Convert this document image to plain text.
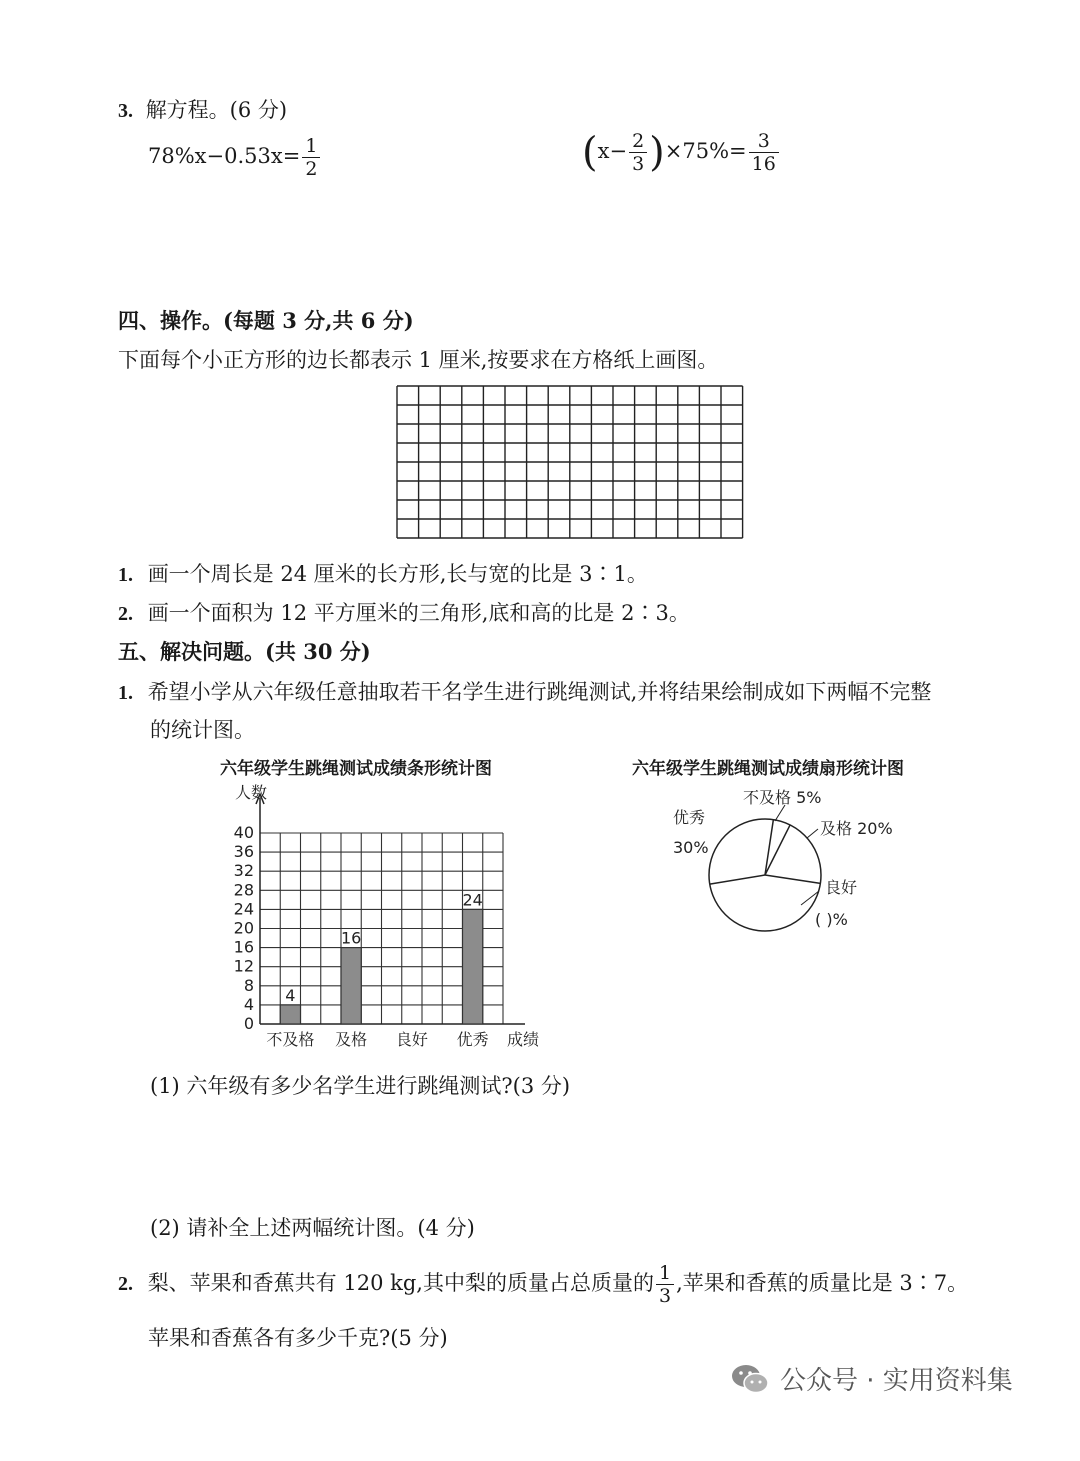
3. 解方程。(6 分)
$78\%x-0.53x= \frac{1}{2}$	$(x- \frac{2}{3} )\times 75\%= \frac{3}{16}$
四、操作。(每题 3 分,共 6 分)
下面每个小正方形的边长都表示 1 厘米,按要求在方格纸上画图。
1. 画一个周长是 24 厘米的长方形,长与宽的比是 3∶1。
2. 画一个面积为 12 平方厘米的三角形,底和高的比是 2∶3。
五、解决问题。(共 30 分)
1. 希望小学从六年级任意抽取若干名学生进行跳绳测试,并将结果绘制成如下两幅不完整
的统计图。
六年级学生跳绳测试成绩条形统计图
0
4
8
12
16
20
24
28
32
36
40
人数
成绩
不及格
4
及格
16
良好 优秀
24
六年级学生跳绳测试成绩扇形统计图
不及格 5%
及格 20%
良好
( )%
优秀
30%
(1) 六年级有多少名学生进行跳绳测试?(3 分)
(2) 请补全上述两幅统计图。(4 分)
2. 梨、苹果和香蕉共有 120 kg,其中梨的质量占总质量的 $\frac{1}{3}$ ,苹果和香蕉的质量比是 3∶7。
苹果和香蕉各有多少千克?(5 分)
公众号 · 实用资料集
